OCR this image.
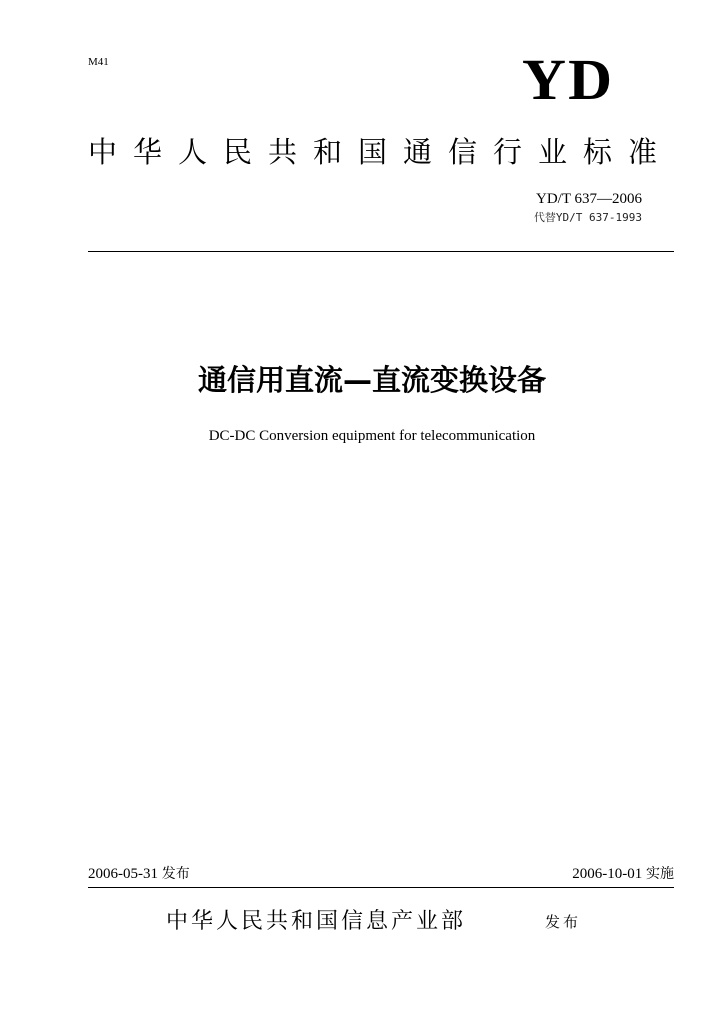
M41	YD
中华人民共和国通信行业标准
YD/T 637—2006
代替YD/T 637-1993
通信用直流—直流变换设备
DC-DC Conversion equipment for telecommunication
2006-05-31 发布	2006-10-01 实施
中华人民共和国信息产业部	发布
